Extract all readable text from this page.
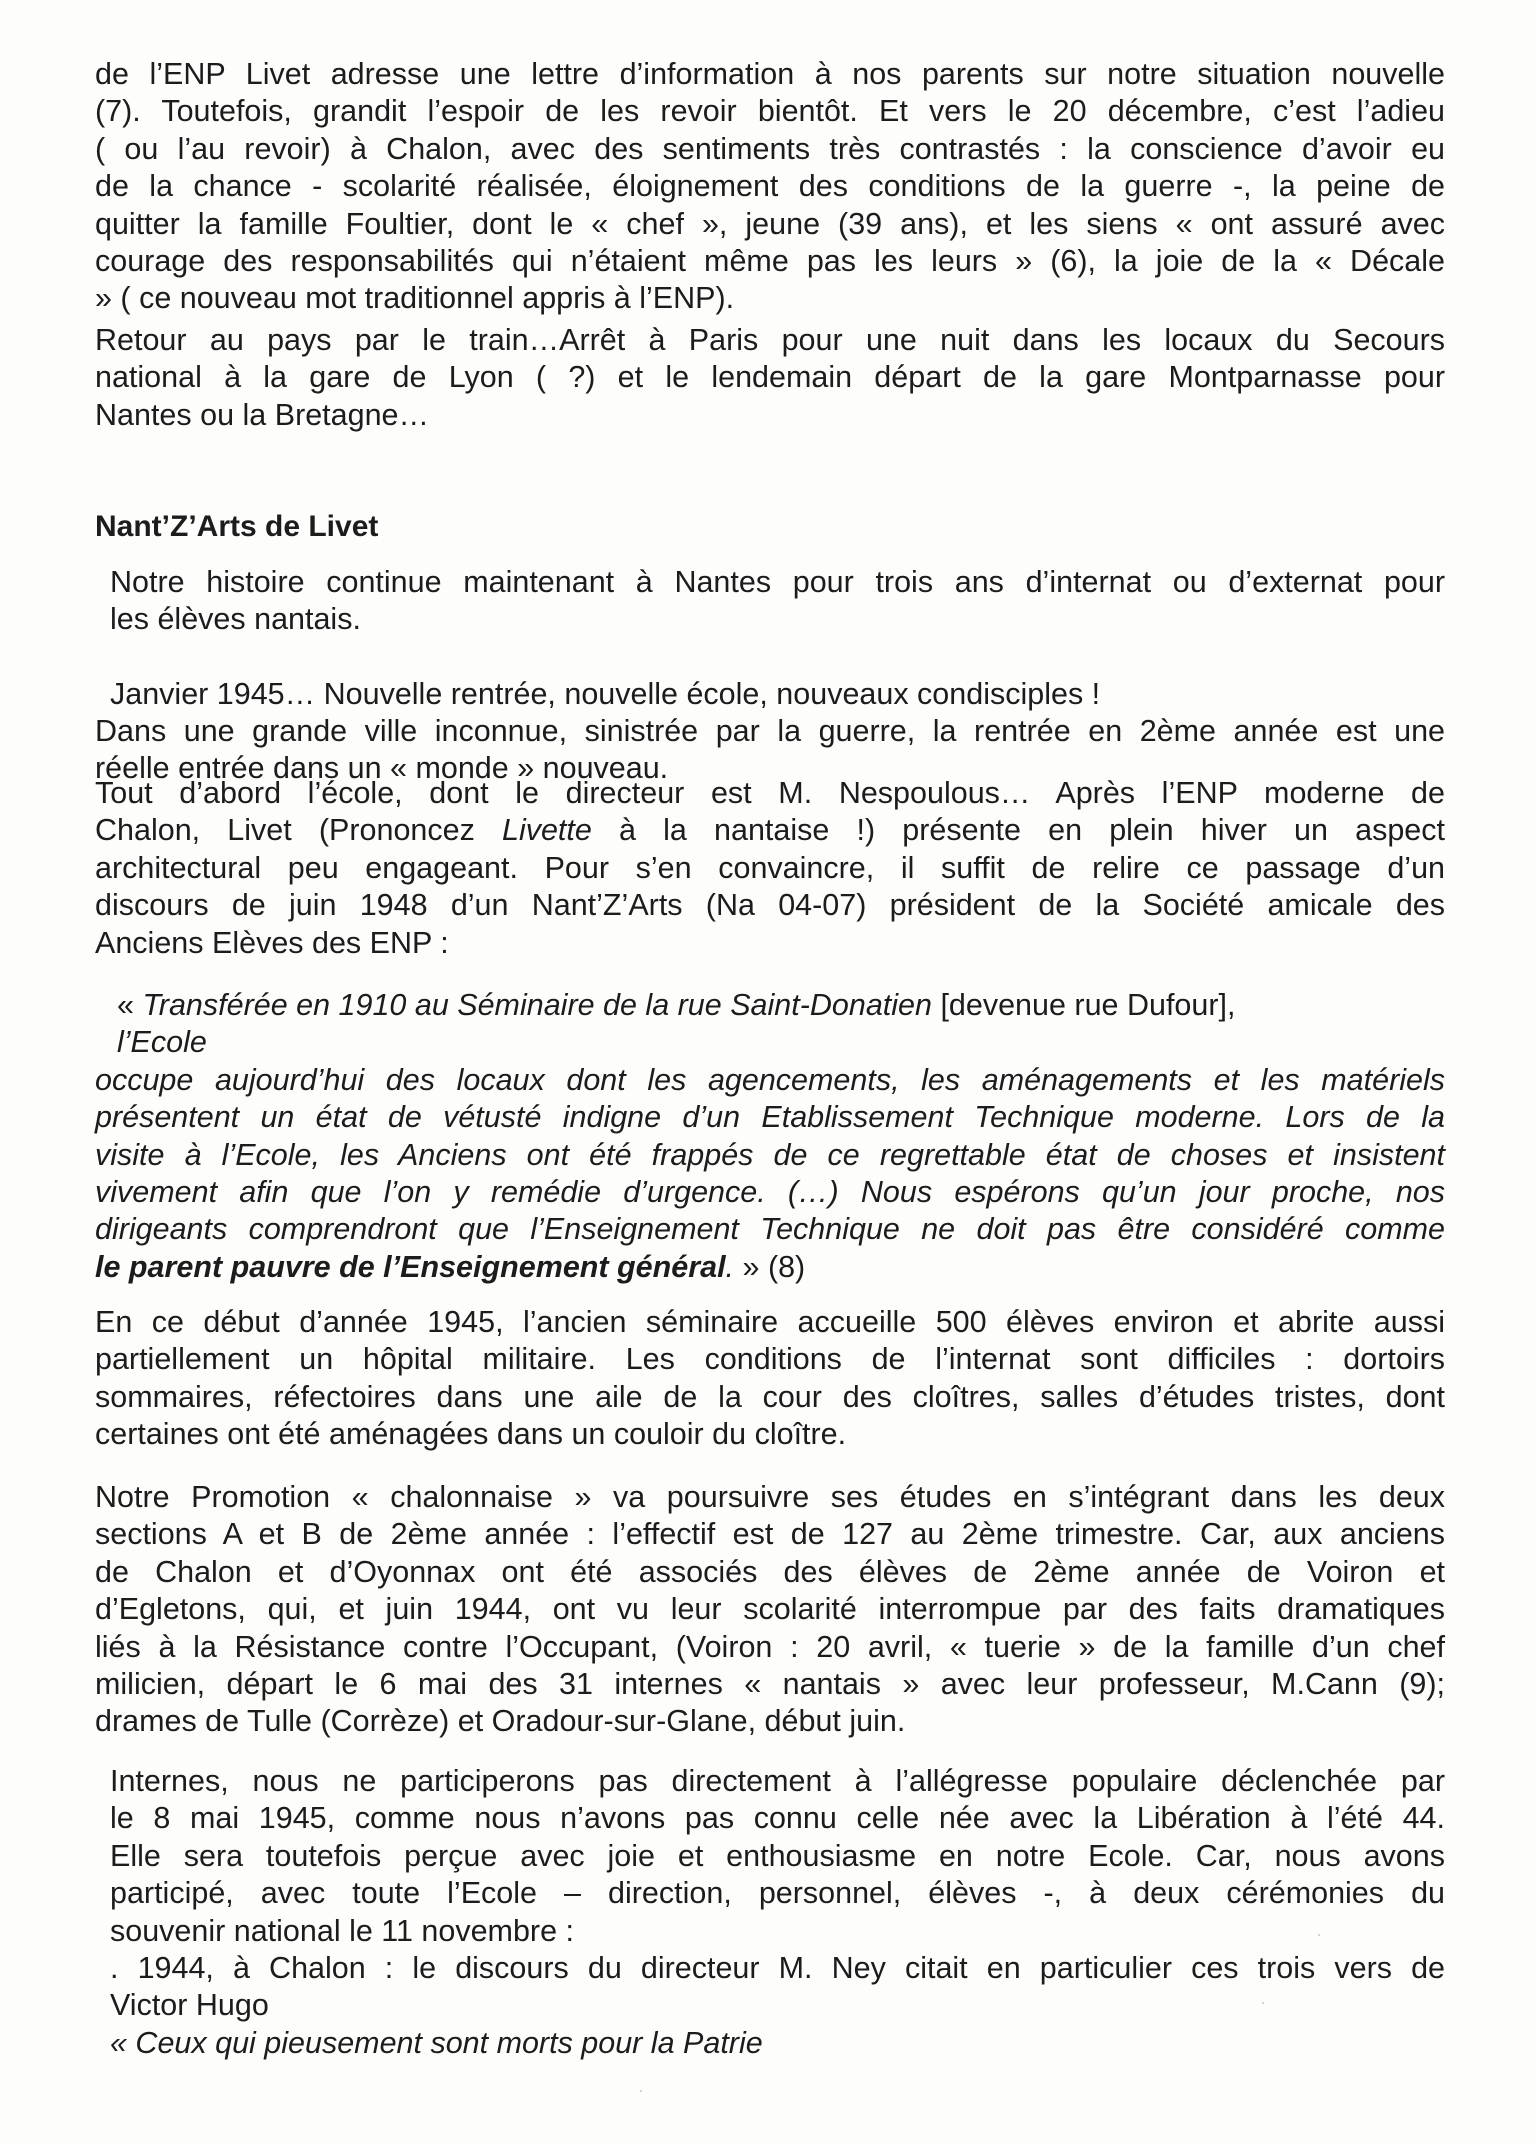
de l’ENP Livet adresse une lettre d’information à nos parents sur notre situation nouvelle
(7). Toutefois, grandit l’espoir de les revoir bientôt. Et vers le 20 décembre, c’est l’adieu
( ou l’au revoir) à Chalon, avec des sentiments très contrastés : la conscience d’avoir eu
de la chance - scolarité réalisée, éloignement des conditions de la guerre -, la peine de
quitter la famille Foultier, dont le « chef », jeune (39 ans), et les siens « ont assuré avec
courage des responsabilités qui n’étaient même pas les leurs » (6), la joie de la « Décale
» ( ce nouveau mot traditionnel appris à l’ENP).

Retour au pays par le train…Arrêt à Paris pour une nuit dans les locaux du Secours
national à la gare de Lyon ( ?) et le lendemain départ de la gare Montparnasse pour
Nantes ou la Bretagne…

Nant’Z’Arts de Livet

Notre histoire continue maintenant à Nantes pour trois ans d’internat ou d’externat pour
les élèves nantais.

Janvier 1945… Nouvelle rentrée, nouvelle école, nouveaux condisciples !

Dans une grande ville inconnue, sinistrée par la guerre, la rentrée en 2ème année est une
réelle entrée dans un « monde » nouveau.

Tout d’abord l’école, dont le directeur est M. Nespoulous… Après l’ENP moderne de
Chalon, Livet (Prononcez Livette à la nantaise !) présente en plein hiver un aspect
architectural peu engageant. Pour s’en convaincre, il suffit de relire ce passage d’un
discours de juin 1948 d’un Nant’Z’Arts (Na 04-07) président de la Société amicale des
Anciens Elèves des ENP :

« Transférée en 1910 au Séminaire de la rue Saint-Donatien [devenue rue Dufour],
l’Ecole
occupe aujourd’hui des locaux dont les agencements, les aménagements et les matériels
présentent un état de vétusté indigne d’un Etablissement Technique moderne. Lors de la
visite à l’Ecole, les Anciens ont été frappés de ce regrettable état de choses et insistent
vivement afin que l’on y remédie d’urgence. (…) Nous espérons qu’un jour proche, nos
dirigeants comprendront que l’Enseignement Technique ne doit pas être considéré comme
le parent pauvre de l’Enseignement général. » (8)

En ce début d’année 1945, l’ancien séminaire accueille 500 élèves environ et abrite aussi
partiellement un hôpital militaire. Les conditions de l’internat sont difficiles : dortoirs
sommaires, réfectoires dans une aile de la cour des cloîtres, salles d’études tristes, dont
certaines ont été aménagées dans un couloir du cloître.

Notre Promotion « chalonnaise » va poursuivre ses études en s’intégrant dans les deux
sections A et B de 2ème année : l’effectif est de 127 au 2ème trimestre. Car, aux anciens
de Chalon et d’Oyonnax ont été associés des élèves de 2ème année de Voiron et
d’Egletons, qui, et juin 1944, ont vu leur scolarité interrompue par des faits dramatiques
liés à la Résistance contre l’Occupant, (Voiron : 20 avril, « tuerie » de la famille d’un chef
milicien, départ le 6 mai des 31 internes « nantais » avec leur professeur, M.Cann (9);
drames de Tulle (Corrèze) et Oradour-sur-Glane, début juin.

Internes, nous ne participerons pas directement à l’allégresse populaire déclenchée par
le 8 mai 1945, comme nous n’avons pas connu celle née avec la Libération à l’été 44.
Elle sera toutefois perçue avec joie et enthousiasme en notre Ecole. Car, nous avons
participé, avec toute l’Ecole – direction, personnel, élèves -, à deux cérémonies du
souvenir national le 11 novembre :
. 1944, à Chalon : le discours du directeur M. Ney citait en particulier ces trois vers de
Victor Hugo
« Ceux qui pieusement sont morts pour la Patrie
